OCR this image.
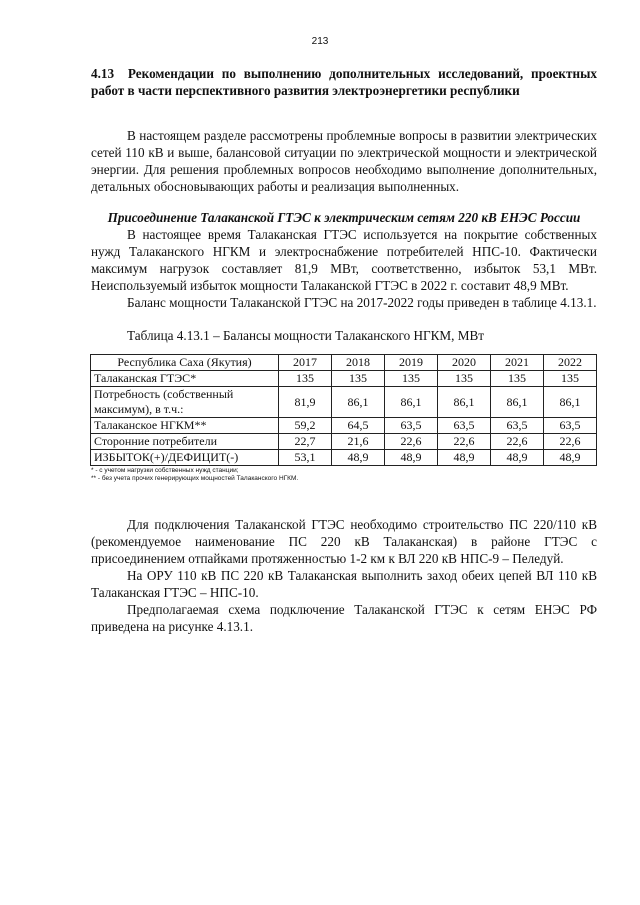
213
4.13 Рекомендации по выполнению дополнительных исследований, проектных работ в части перспективного развития электроэнергетики республики

В настоящем разделе рассмотрены проблемные вопросы в развитии электрических сетей 110 кВ и выше, балансовой ситуации по электрической мощности и электрической энергии. Для решения проблемных вопросов необходимо выполнение дополнительных, детальных обосновывающих работы и реализация выполненных.

Присоединение Талаканской ГТЭС к электрическим сетям 220 кВ ЕНЭС России

В настоящее время Талаканская ГТЭС используется на покрытие собственных нужд Талаканского НГКМ и электроснабжение потребителей НПС-10. Фактически максимум нагрузок составляет 81,9 МВт, соответственно, избыток 53,1 МВт. Неиспользуемый избыток мощности Талаканской ГТЭС в 2022 г. составит 48,9 МВт.

Баланс мощности Талаканской ГТЭС на 2017-2022 годы приведен в таблице 4.13.1.

Таблица 4.13.1 – Балансы мощности Талаканского НГКМ, МВт
Республика Саха (Якутия)	2017	2018	2019	2020	2021	2022
Талаканская ГТЭС*	135	135	135	135	135	135
Потребность (собственный максимум), в т.ч.:	81,9	86,1	86,1	86,1	86,1	86,1
Талаканское НГКМ**	59,2	64,5	63,5	63,5	63,5	63,5
Сторонние потребители	22,7	21,6	22,6	22,6	22,6	22,6
ИЗБЫТОК(+)/ДЕФИЦИТ(-)	53,1	48,9	48,9	48,9	48,9	48,9
* - с учетом нагрузки собственных нужд станции;
** - без учета прочих генерирующих мощностей Талаканского НГКМ.

Для подключения Талаканской ГТЭС необходимо строительство ПС 220/110 кВ (рекомендуемое наименование ПС 220 кВ Талаканская) в районе ГТЭС с присоединением отпайками протяженностью 1-2 км к ВЛ 220 кВ НПС-9 – Пеледуй.

На ОРУ 110 кВ ПС 220 кВ Талаканская выполнить заход обеих цепей ВЛ 110 кВ Талаканская ГТЭС – НПС-10.

Предполагаемая схема подключение Талаканской ГТЭС к сетям ЕНЭС РФ приведена на рисунке 4.13.1.
